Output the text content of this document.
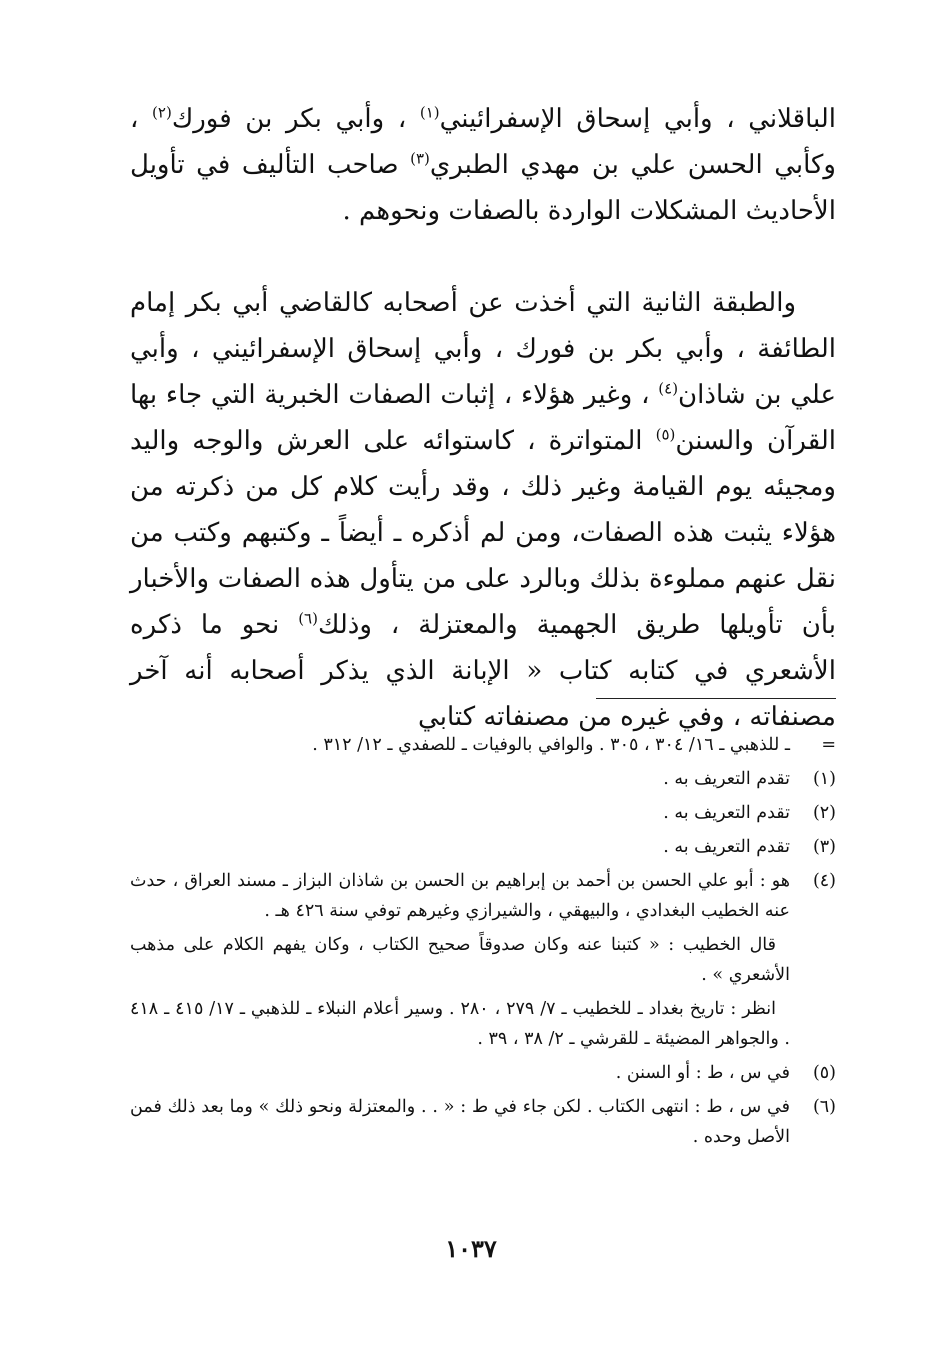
الباقلاني ، وأبي إسحاق الإسفرائيني$^{(١)}$ ، وأبي بكر بن فورك$^{(٢)}$ ، وكأبي الحسن علي بن مهدي الطبري$^{(٣)}$ صاحب التأليف في تأويل الأحاديث المشكلات الواردة بالصفات ونحوهم .

والطبقة الثانية التي أخذت عن أصحابه كالقاضي أبي بكر إمام الطائفة ، وأبي بكر بن فورك ، وأبي إسحاق الإسفرائيني ، وأبي علي بن شاذان$^{(٤)}$ ، وغير هؤلاء ، إثبات الصفات الخبرية التي جاء بها القرآن والسنن$^{(٥)}$ المتواترة ، كاستوائه على العرش والوجه واليد ومجيئه يوم القيامة وغير ذلك ، وقد رأيت كلام كل من ذكرته من هؤلاء يثبت هذه الصفات، ومن لم أذكره ـ أيضاً ـ وكتبهم وكتب من نقل عنهم مملوءة بذلك وبالرد على من يتأول هذه الصفات والأخبار بأن تأويلها طريق الجهمية والمعتزلة ، وذلك$^{(٦)}$ نحو ما ذكره الأشعري في كتابه كتاب « الإبانة الذي يذكر أصحابه أنه آخر مصنفاته ، وفي غيره من مصنفاته كتابي

=

ـ للذهبي ـ ١٦/ ٣٠٤ ، ٣٠٥ . والوافي بالوفيات ـ للصفدي ـ ١٢/ ٣١٢ .

(١)

تقدم التعريف به .

(٢)

تقدم التعريف به .

(٣)

تقدم التعريف به .

(٤)

هو : أبو علي الحسن بن أحمد بن إبراهيم بن الحسن بن شاذان البزاز ـ مسند العراق ، حدث عنه الخطيب البغدادي ، والبيهقي ، والشيرازي وغيرهم توفي سنة ٤٢٦ هـ .

قال الخطيب : « كتبنا عنه وكان صدوقاً صحيح الكتاب ، وكان يفهم الكلام على مذهب الأشعري » .

انظر : تاريخ بغداد ـ للخطيب ـ ٧/ ٢٧٩ ، ٢٨٠ . وسير أعلام النبلاء ـ للذهبي ـ ١٧/ ٤١٥ ـ ٤١٨ . والجواهر المضيئة ـ للقرشي ـ ٢/ ٣٨ ، ٣٩ .

(٥)

في س ، ط : أو السنن .

(٦)

في س ، ط : انتهى الكتاب . لكن جاء في ط : « . . والمعتزلة ونحو ذلك » وما بعد ذلك فمن الأصل وحده .

١٠٣٧
